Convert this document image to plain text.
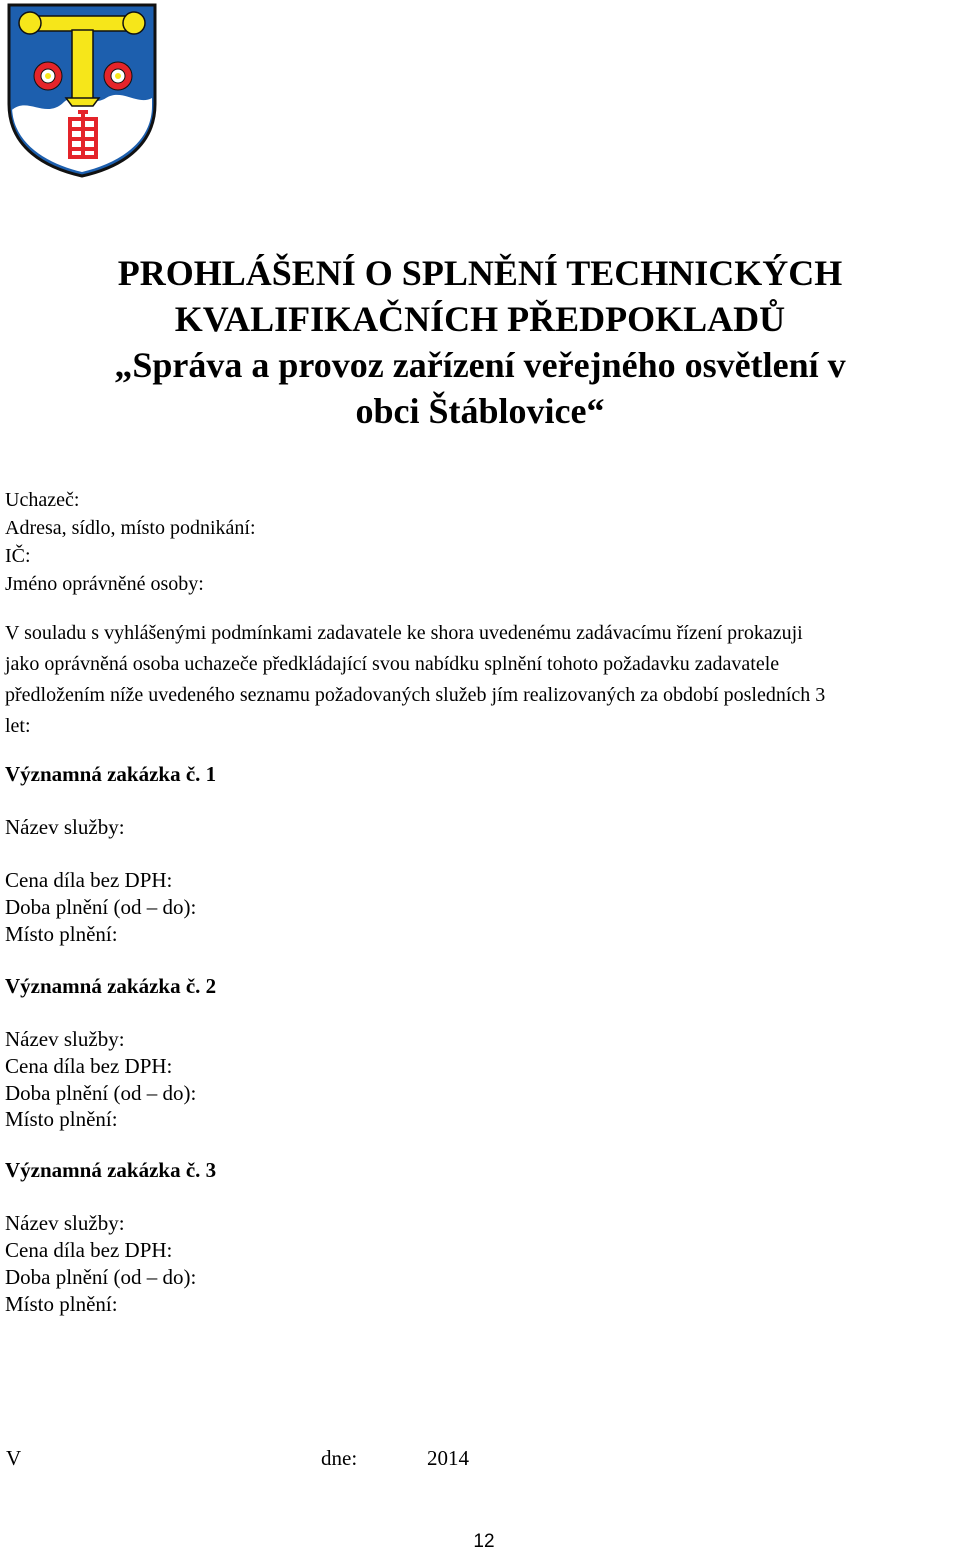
PROHLÁŠENÍ O SPLNĚNÍ TECHNICKÝCH
KVALIFIKAČNÍCH PŘEDPOKLADŮ
„Správa a provoz zařízení veřejného osvětlení v
obci Štáblovice“
Uchazeč:
Adresa, sídlo, místo podnikání:
IČ:
Jméno oprávněné osoby:
V souladu s vyhlášenými podmínkami zadavatele ke shora uvedenému zadávacímu řízení prokazuji
jako oprávněná osoba uchazeče předkládající svou nabídku splnění tohoto požadavku zadavatele
předložením níže uvedeného seznamu požadovaných služeb jím realizovaných za období posledních 3
let:
Významná zakázka č. 1
Název služby:
Cena díla bez DPH:
Doba plnění (od – do):
Místo plnění:
Významná zakázka č. 2
Název služby:
Cena díla bez DPH:
Doba plnění (od – do):
Místo plnění:
Významná zakázka č. 3
Název služby:
Cena díla bez DPH:
Doba plnění (od – do):
Místo plnění:
V	dne:	2014
12
